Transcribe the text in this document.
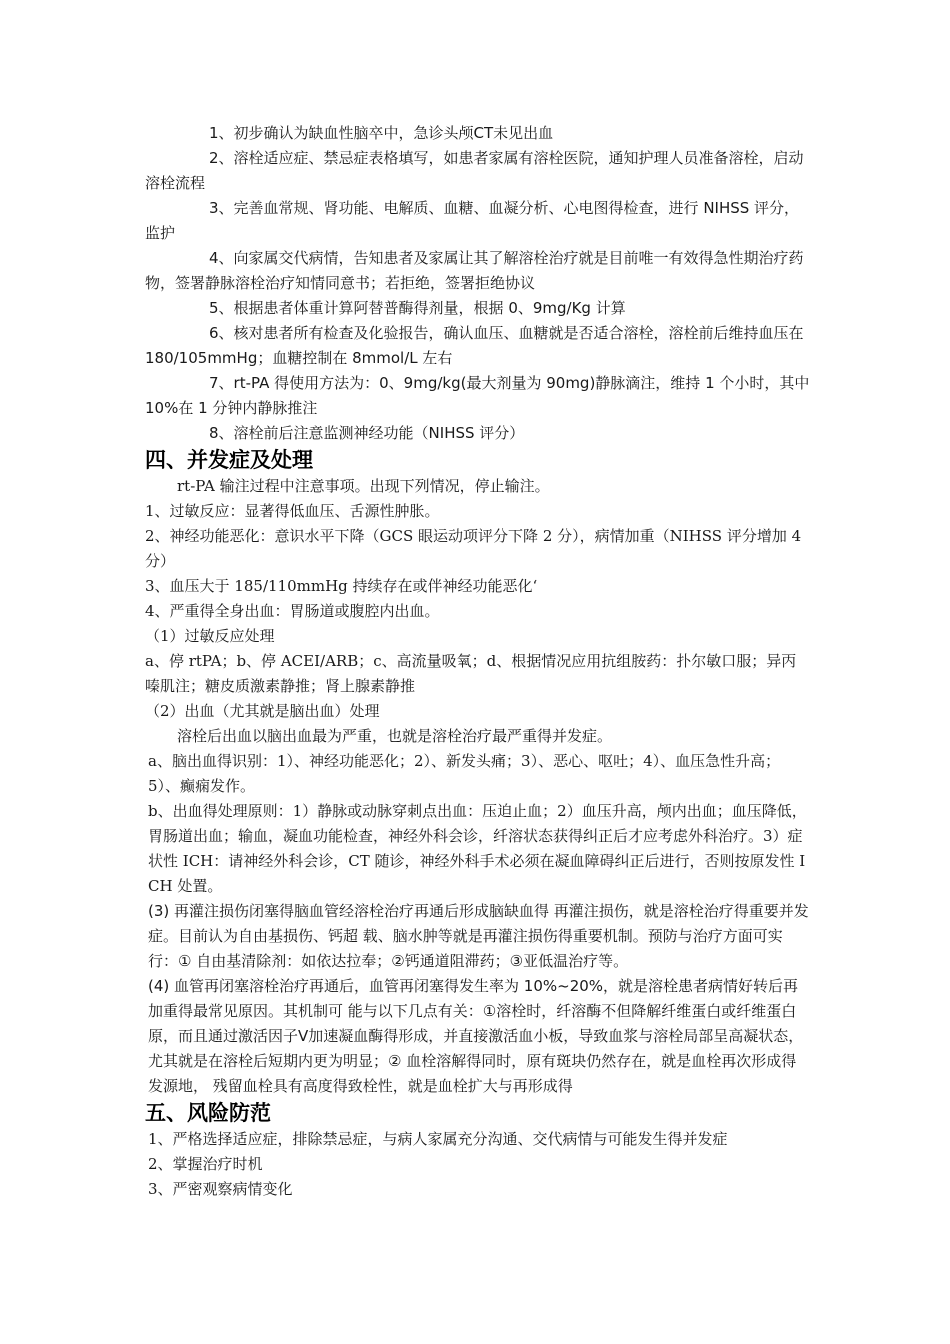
1、初步确认为缺血性脑卒中，急诊头颅CT未见出血

2、溶栓适应症、禁忌症表格填写，如患者家属有溶栓医院，通知护理人员准备溶栓，启动溶栓流程

3、完善血常规、肾功能、电解质、血糖、血凝分析、心电图得检查，进行 NIHSS 评分，监护

4、向家属交代病情，告知患者及家属让其了解溶栓治疗就是目前唯一有效得急性期治疗药物，签署静脉溶栓治疗知情同意书；若拒绝，签署拒绝协议

5、根据患者体重计算阿替普酶得剂量，根据 0、9mg/Kg 计算

6、核对患者所有检查及化验报告，确认血压、血糖就是否适合溶栓，溶栓前后维持血压在 180/105mmHg；血糖控制在 8mmol/L 左右

7、rt-PA 得使用方法为：0、9mg/kg(最大剂量为 90mg)静脉滴注，维持 1 个小时，其中 10%在 1 分钟内静脉推注

8、溶栓前后注意监测神经功能（NIHSS 评分）

四、并发症及处理

rt-PA 输注过程中注意事项。出现下列情况，停止输注。

1、过敏反应：显著得低血压、舌源性肿胀。

2、神经功能恶化：意识水平下降（GCS 眼运动项评分下降 2 分），病情加重（NIHSS 评分增加 4 分）

3、血压大于 185/110mmHg 持续存在或伴神经功能恶化‘

4、严重得全身出血：胃肠道或腹腔内出血。

（1）过敏反应处理

a、停 rtPA；b、停 ACEI/ARB；c、高流量吸氧；d、根据情况应用抗组胺药：扑尔敏口服；异丙嗪肌注；糖皮质激素静推；肾上腺素静推

（2）出血（尤其就是脑出血）处理

溶栓后出血以脑出血最为严重，也就是溶栓治疗最严重得并发症。

a、脑出血得识别：1）、神经功能恶化；2）、新发头痛；3）、恶心、呕吐；4）、血压急性升高；5）、癫痫发作。

b、出血得处理原则：1）静脉或动脉穿刺点出血：压迫止血；2）血压升高，颅内出血；血压降低，胃肠道出血；输血，凝血功能检查，神经外科会诊，纤溶状态获得纠正后才应考虑外科治疗。3）症状性 ICH：请神经外科会诊，CT 随诊，神经外科手术必须在凝血障碍纠正后进行，否则按原发性 ICH 处置。

(3) 再灌注损伤闭塞得脑血管经溶栓治疗再通后形成脑缺血得 再灌注损伤，就是溶栓治疗得重要并发症。目前认为自由基损伤、钙超 载、脑水肿等就是再灌注损伤得重要机制。预防与治疗方面可实行：① 自由基清除剂：如依达拉奉；②钙通道阻滞药；③亚低温治疗等。

(4) 血管再闭塞溶栓治疗再通后，血管再闭塞得发生率为 10%~20%，就是溶栓患者病情好转后再加重得最常见原因。其机制可 能与以下几点有关：①溶栓时，纤溶酶不但降解纤维蛋白或纤维蛋白 原，而且通过激活因子Ⅴ加速凝血酶得形成，并直接激活血小板，导致血浆与溶栓局部呈高凝状态，尤其就是在溶栓后短期内更为明显；② 血栓溶解得同时，原有斑块仍然存在，就是血栓再次形成得发源地， 残留血栓具有高度得致栓性，就是血栓扩大与再形成得

五、风险防范

1、严格选择适应症，排除禁忌症，与病人家属充分沟通、交代病情与可能发生得并发症

2、掌握治疗时机

3、严密观察病情变化
